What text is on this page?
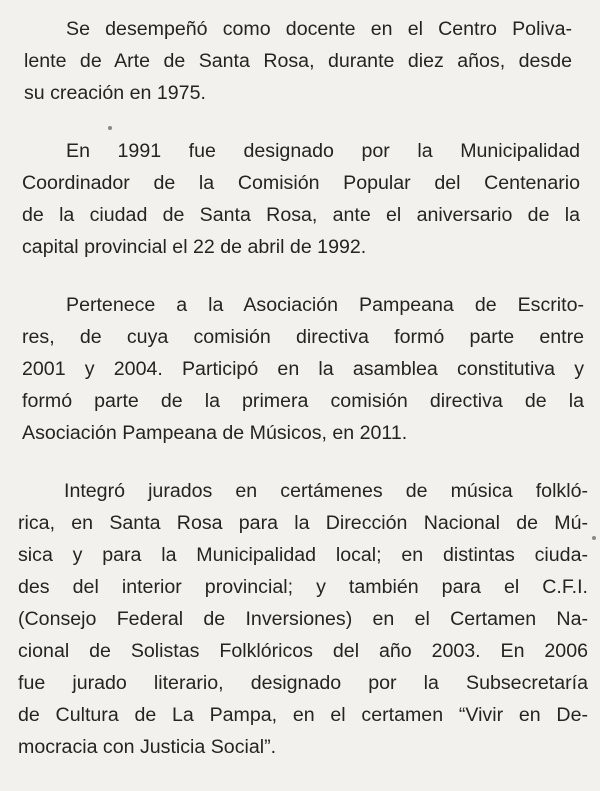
Se desempeñó como docente en el Centro Poliva-
lente de Arte de Santa Rosa, durante diez años, desde
su creación en 1975.
En 1991 fue designado por la Municipalidad
Coordinador de la Comisión Popular del Centenario
de la ciudad de Santa Rosa, ante el aniversario de la
capital provincial el 22 de abril de 1992.
Pertenece a la Asociación Pampeana de Escrito-
res, de cuya comisión directiva formó parte entre
2001 y 2004. Participó en la asamblea constitutiva y
formó parte de la primera comisión directiva de la
Asociación Pampeana de Músicos, en 2011.
Integró jurados en certámenes de música folkló-
rica, en Santa Rosa para la Dirección Nacional de Mú-
sica y para la Municipalidad local; en distintas ciuda-
des del interior provincial; y también para el C.F.I.
(Consejo Federal de Inversiones) en el Certamen Na-
cional de Solistas Folklóricos del año 2003. En 2006
fue jurado literario, designado por la Subsecretaría
de Cultura de La Pampa, en el certamen “Vivir en De-
mocracia con Justicia Social”.
